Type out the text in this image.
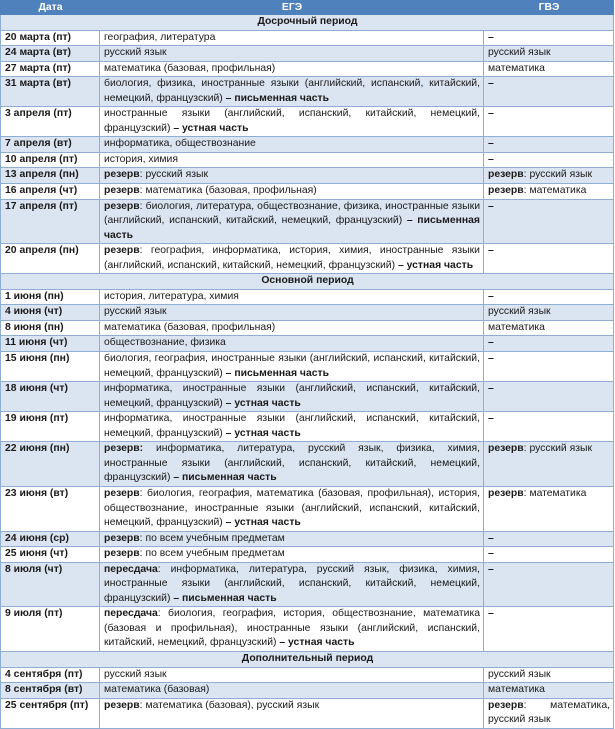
Дата	ЕГЭ	ГВЭ
Досрочный период		
20 марта (пт)	география, литература	–
24 марта (вт)	русский язык	русский язык
27 марта (пт)	математика (базовая, профильная)	математика
31 марта (вт)	биология, физика, иностранные языки (английский, испанский, китайский, немецкий, французский) – письменная часть	–
3 апреля (пт)	иностранные языки (английский, испанский, китайский, немецкий, французский) – устная часть	–
7 апреля (вт)	информатика, обществознание	–
10 апреля (пт)	история, химия	–
13 апреля (пн)	резерв: русский язык	резерв: русский язык
16 апреля (чт)	резерв: математика (базовая, профильная)	резерв: математика
17 апреля (пт)	резерв: биология, литература, обществознание, физика, иностранные языки (английский, испанский, китайский, немецкий, французский) – письменная часть	–
20 апреля (пн)	резерв: география, информатика, история, химия, иностранные языки (английский, испанский, китайский, немецкий, французский) – устная часть	–
Основной период		
1 июня (пн)	история, литература, химия	–
4 июня (чт)	русский язык	русский язык
8 июня (пн)	математика (базовая, профильная)	математика
11 июня (чт)	обществознание, физика	–
15 июня (пн)	биология, география, иностранные языки (английский, испанский, китайский, немецкий, французский) – письменная часть	–
18 июня (чт)	информатика, иностранные языки (английский, испанский, китайский, немецкий, французский) – устная часть	–
19 июня (пт)	информатика, иностранные языки (английский, испанский, китайский, немецкий, французский) – устная часть	–
22 июня (пн)	резерв: информатика, литература, русский язык, физика, химия, иностранные языки (английский, испанский, китайский, немецкий, французский) – письменная часть	резерв: русский язык
23 июня (вт)	резерв: биология, география, математика (базовая, профильная), история, обществознание, иностранные языки (английский, испанский, китайский, немецкий, французский) – устная часть	резерв: математика
24 июня (ср)	резерв: по всем учебным предметам	–
25 июня (чт)	резерв: по всем учебным предметам	–
8 июля (чт)	пересдача: информатика, литература, русский язык, физика, химия, иностранные языки (английский, испанский, китайский, немецкий, французский) – письменная часть	–
9 июля (пт)	пересдача: биология, география, история, обществознание, математика (базовая и профильная), иностранные языки (английский, испанский, китайский, немецкий, французский) – устная часть	–
Дополнительный период		
4 сентября (пт)	русский язык	русский язык
8 сентября (вт)	математика (базовая)	математика
25 сентября (пт)	резерв: математика (базовая), русский язык	резерв: математика, русский язык
